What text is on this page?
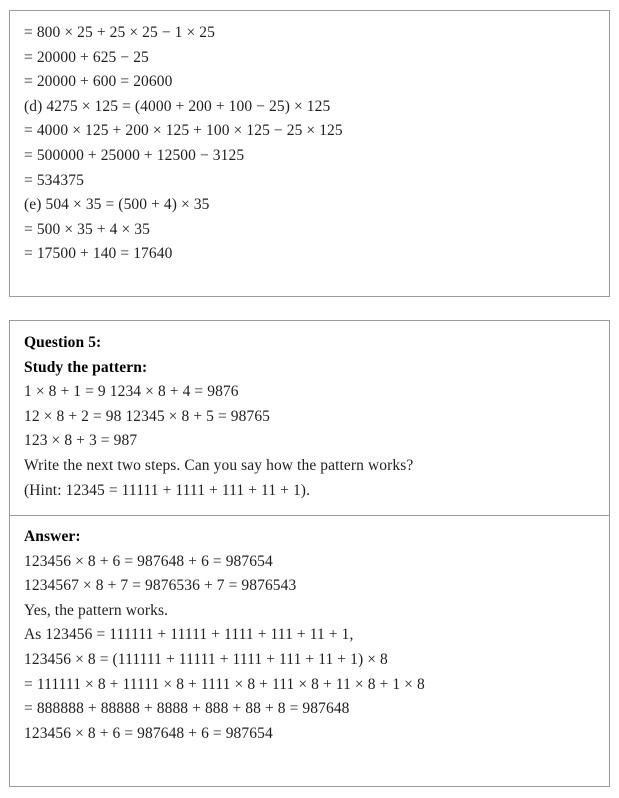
= 800 × 25 + 25 × 25 − 1 × 25
= 20000 + 625 − 25
= 20000 + 600 = 20600
(d) 4275 × 125 = (4000 + 200 + 100 − 25) × 125
= 4000 × 125 + 200 × 125 + 100 × 125 − 25 × 125
= 500000 + 25000 + 12500 − 3125
= 534375
(e) 504 × 35 = (500 + 4) × 35
= 500 × 35 + 4 × 35
= 17500 + 140 = 17640
Question 5:
Study the pattern:
1 × 8 + 1 = 9 1234 × 8 + 4 = 9876
12 × 8 + 2 = 98 12345 × 8 + 5 = 98765
123 × 8 + 3 = 987
Write the next two steps. Can you say how the pattern works?
(Hint: 12345 = 11111 + 1111 + 111 + 11 + 1).
Answer:
123456 × 8 + 6 = 987648 + 6 = 987654
1234567 × 8 + 7 = 9876536 + 7 = 9876543
Yes, the pattern works.
As 123456 = 111111 + 11111 + 1111 + 111 + 11 + 1,
123456 × 8 = (111111 + 11111 + 1111 + 111 + 11 + 1) × 8
= 111111 × 8 + 11111 × 8 + 1111 × 8 + 111 × 8 + 11 × 8 + 1 × 8
= 888888 + 88888 + 8888 + 888 + 88 + 8 = 987648
123456 × 8 + 6 = 987648 + 6 = 987654
